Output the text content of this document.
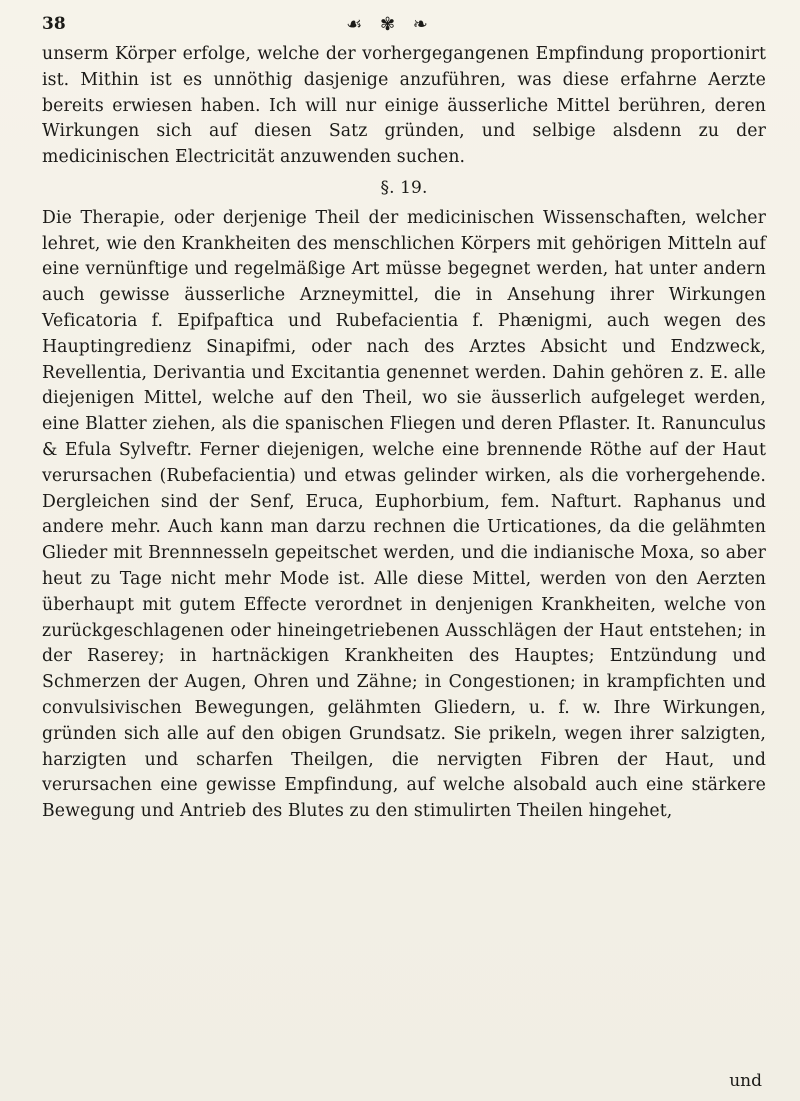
38	☙ ✾ ❧

unserm Körper erfolge, welche der vorhergegangenen Empfindung proportionirt ist. Mithin ist es unnöthig dasjenige anzuführen, was diese erfahrne Aerzte bereits erwiesen haben. Ich will nur einige äusserliche Mittel berühren, deren Wirkungen sich auf diesen Satz gründen, und selbige alsdenn zu der medicinischen Electricität anzuwenden suchen.

§. 19.

Die Therapie, oder derjenige Theil der medicinischen Wissenschaften, welcher lehret, wie den Krankheiten des menschlichen Körpers mit gehörigen Mitteln auf eine vernünftige und regelmäßige Art müsse begegnet werden, hat unter andern auch gewisse äusserliche Arzneymittel, die in Ansehung ihrer Wirkungen Veficatoria f. Epifpaftica und Rubefacientia f. Phænigmi, auch wegen des Hauptingredienz Sinapifmi, oder nach des Arztes Absicht und Endzweck, Revellentia, Derivantia und Excitantia genennet werden. Dahin gehören z. E. alle diejenigen Mittel, welche auf den Theil, wo sie äusserlich aufgeleget werden, eine Blatter ziehen, als die spanischen Fliegen und deren Pflaster. It. Ranunculus & Efula Sylveftr. Ferner diejenigen, welche eine brennende Röthe auf der Haut verursachen (Rubefacientia) und etwas gelinder wirken, als die vorhergehende. Dergleichen sind der Senf, Eruca, Euphorbium, fem. Nafturt. Raphanus und andere mehr. Auch kann man darzu rechnen die Urticationes, da die gelähmten Glieder mit Brennnesseln gepeitschet werden, und die indianische Moxa, so aber heut zu Tage nicht mehr Mode ist. Alle diese Mittel, werden von den Aerzten überhaupt mit gutem Effecte verordnet in denjenigen Krankheiten, welche von zurückgeschlagenen oder hineingetriebenen Ausschlägen der Haut entstehen; in der Raserey; in hartnäckigen Krankheiten des Hauptes; Entzündung und Schmerzen der Augen, Ohren und Zähne; in Congestionen; in krampfichten und convulsivischen Bewegungen, gelähmten Gliedern, u. f. w. Ihre Wirkungen, gründen sich alle auf den obigen Grundsatz. Sie prikeln, wegen ihrer salzigten, harzigten und scharfen Theilgen, die nervigten Fibren der Haut, und verursachen eine gewisse Empfindung, auf welche alsobald auch eine stärkere Bewegung und Antrieb des Blutes zu den stimulirten Theilen hingehet,

und
